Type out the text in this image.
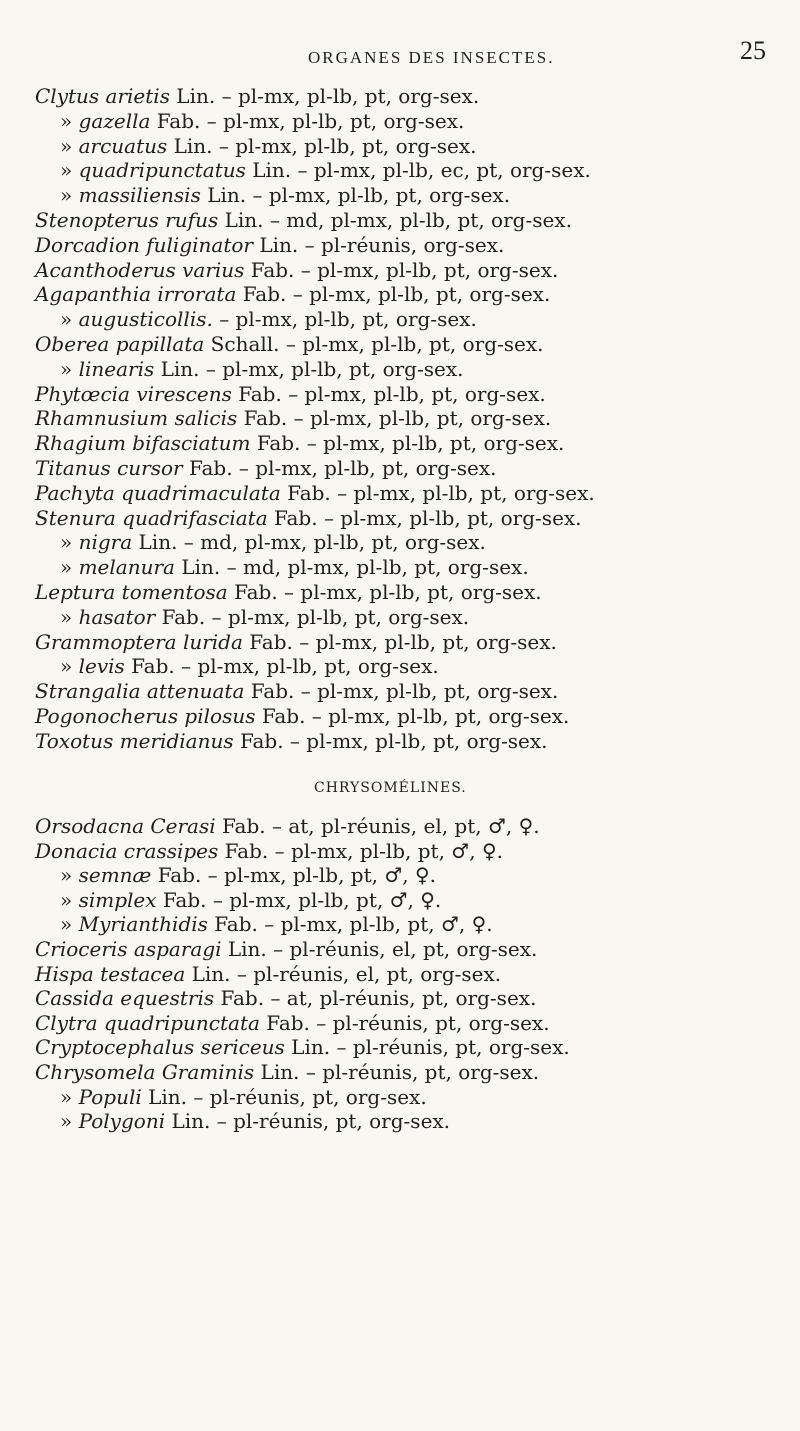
ORGANES DES INSECTES.	25
Clytus arietis Lin. – pl-mx, pl-lb, pt, org-sex.
» gazella Fab. – pl-mx, pl-lb, pt, org-sex.
» arcuatus Lin. – pl-mx, pl-lb, pt, org-sex.
» quadripunctatus Lin. – pl-mx, pl-lb, ec, pt, org-sex.
» massiliensis Lin. – pl-mx, pl-lb, pt, org-sex.
Stenopterus rufus Lin. – md, pl-mx, pl-lb, pt, org-sex.
Dorcadion fuliginator Lin. – pl-réunis, org-sex.
Acanthoderus varius Fab. – pl-mx, pl-lb, pt, org-sex.
Agapanthia irrorata Fab. – pl-mx, pl-lb, pt, org-sex.
» augusticollis. – pl-mx, pl-lb, pt, org-sex.
Oberea papillata Schall. – pl-mx, pl-lb, pt, org-sex.
» linearis Lin. – pl-mx, pl-lb, pt, org-sex.
Phytœcia virescens Fab. – pl-mx, pl-lb, pt, org-sex.
Rhamnusium salicis Fab. – pl-mx, pl-lb, pt, org-sex.
Rhagium bifasciatum Fab. – pl-mx, pl-lb, pt, org-sex.
Titanus cursor Fab. – pl-mx, pl-lb, pt, org-sex.
Pachyta quadrimaculata Fab. – pl-mx, pl-lb, pt, org-sex.
Stenura quadrifasciata Fab. – pl-mx, pl-lb, pt, org-sex.
» nigra Lin. – md, pl-mx, pl-lb, pt, org-sex.
» melanura Lin. – md, pl-mx, pl-lb, pt, org-sex.
Leptura tomentosa Fab. – pl-mx, pl-lb, pt, org-sex.
» hasator Fab. – pl-mx, pl-lb, pt, org-sex.
Grammoptera lurida Fab. – pl-mx, pl-lb, pt, org-sex.
» levis Fab. – pl-mx, pl-lb, pt, org-sex.
Strangalia attenuata Fab. – pl-mx, pl-lb, pt, org-sex.
Pogonocherus pilosus Fab. – pl-mx, pl-lb, pt, org-sex.
Toxotus meridianus Fab. – pl-mx, pl-lb, pt, org-sex.
Orsodacna Cerasi Fab. – at, pl-réunis, el, pt, ♂, ♀.
Donacia crassipes Fab. – pl-mx, pl-lb, pt, ♂, ♀.
» semnæ Fab. – pl-mx, pl-lb, pt, ♂, ♀.
» simplex Fab. – pl-mx, pl-lb, pt, ♂, ♀.
» Myrianthidis Fab. – pl-mx, pl-lb, pt, ♂, ♀.
Crioceris asparagi Lin. – pl-réunis, el, pt, org-sex.
Hispa testacea Lin. – pl-réunis, el, pt, org-sex.
Cassida equestris Fab. – at, pl-réunis, pt, org-sex.
Clytra quadripunctata Fab. – pl-réunis, pt, org-sex.
Cryptocephalus sericeus Lin. – pl-réunis, pt, org-sex.
Chrysomela Graminis Lin. – pl-réunis, pt, org-sex.
» Populi Lin. – pl-réunis, pt, org-sex.
» Polygoni Lin. – pl-réunis, pt, org-sex.
CHRYSOMÉLINES.
